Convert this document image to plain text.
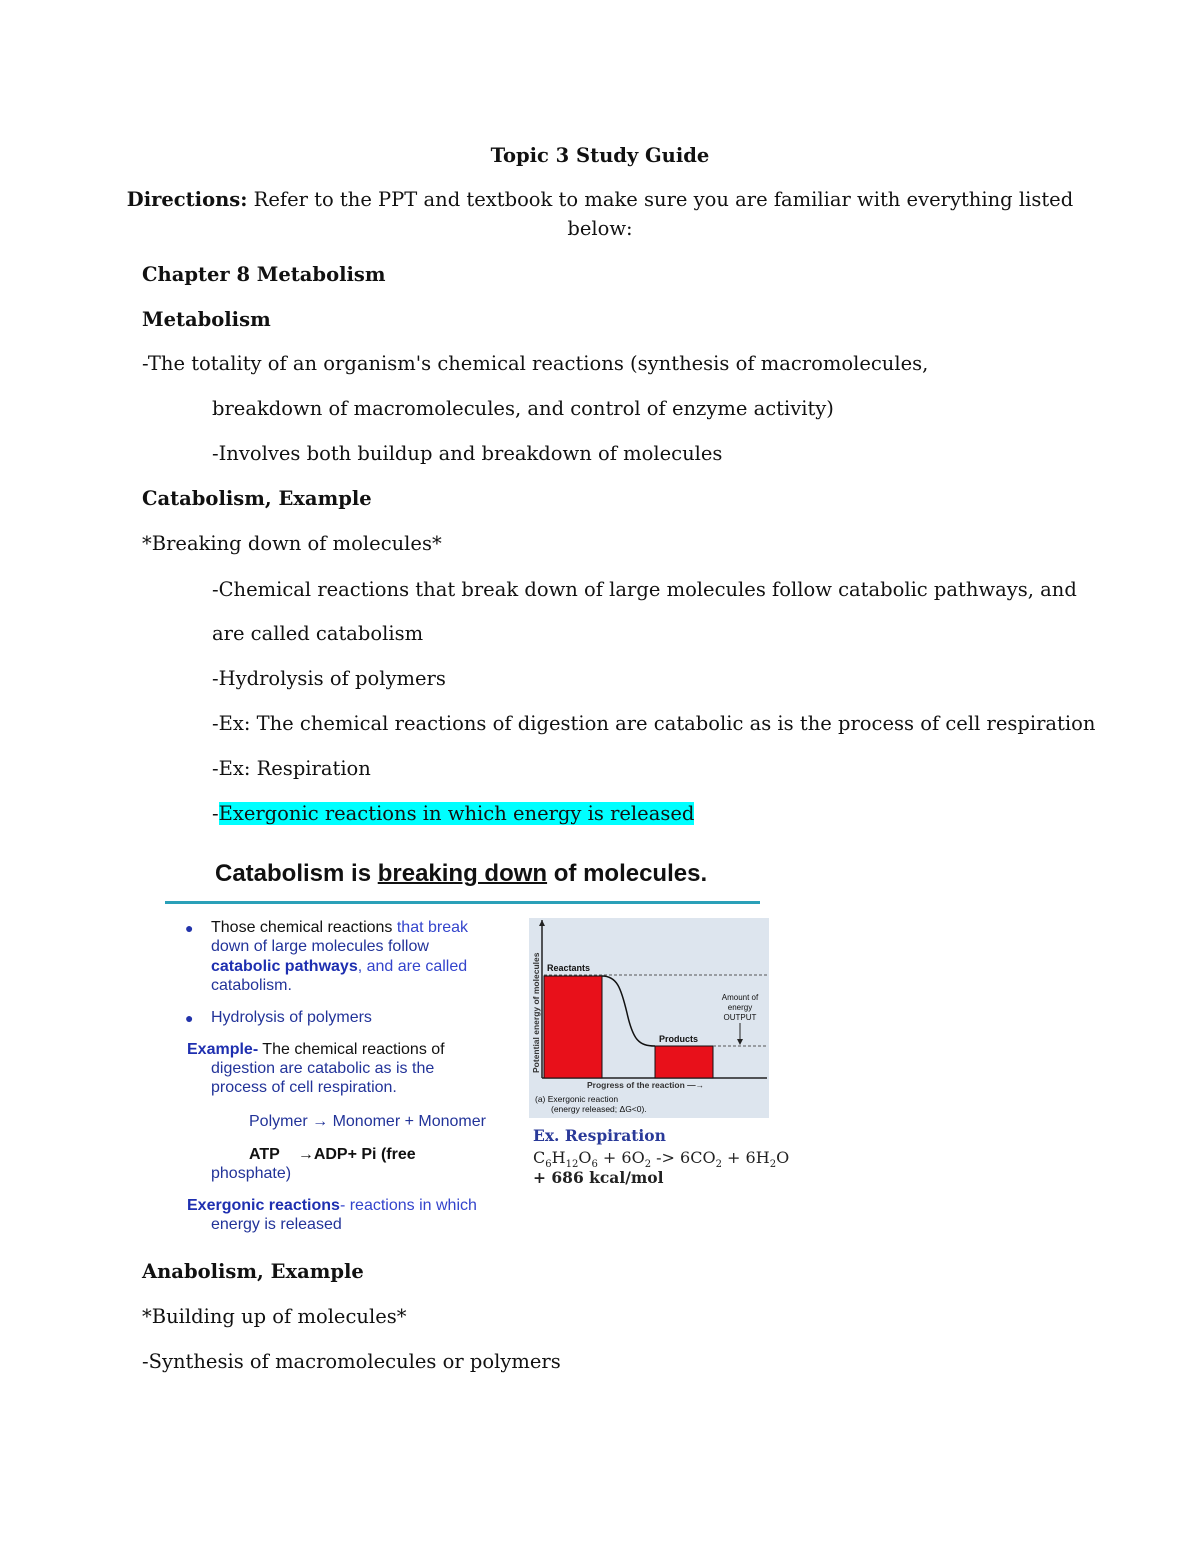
Topic 3 Study Guide
Directions: Refer to the PPT and textbook to make sure you are familiar with everything listed
below:
Chapter 8 Metabolism
Metabolism
-The totality of an organism's chemical reactions (synthesis of macromolecules,
breakdown of macromolecules, and control of enzyme activity)
-Involves both buildup and breakdown of molecules
Catabolism, Example
*Breaking down of molecules*
-Chemical reactions that break down of large molecules follow catabolic pathways, and
are called catabolism
-Hydrolysis of polymers
-Ex: The chemical reactions of digestion are catabolic as is the process of cell respiration
-Ex: Respiration
-Exergonic reactions in which energy is released
Catabolism is breaking down of molecules.
● Those chemical reactions that break
down of large molecules follow
catabolic pathways, and are called
catabolism.
● Hydrolysis of polymers
Example- The chemical reactions of
digestion are catabolic as is the
process of cell respiration.
Polymer → Monomer + Monomer
ATP →ADP+ Pi (free
phosphate)
Exergonic reactions- reactions in which
energy is released
Reactants
Products
Amount of
energy
OUTPUT
Potential energy of molecules
Progress of the reaction —→
(a) Exergonic reaction
(energy released; ΔG<0).
Ex. Respiration
$C_6H_{12}O_6 + 6O_2 -> 6CO_2 + 6H_2O$
+ 686 kcal/mol
Anabolism, Example
*Building up of molecules*
-Synthesis of macromolecules or polymers
